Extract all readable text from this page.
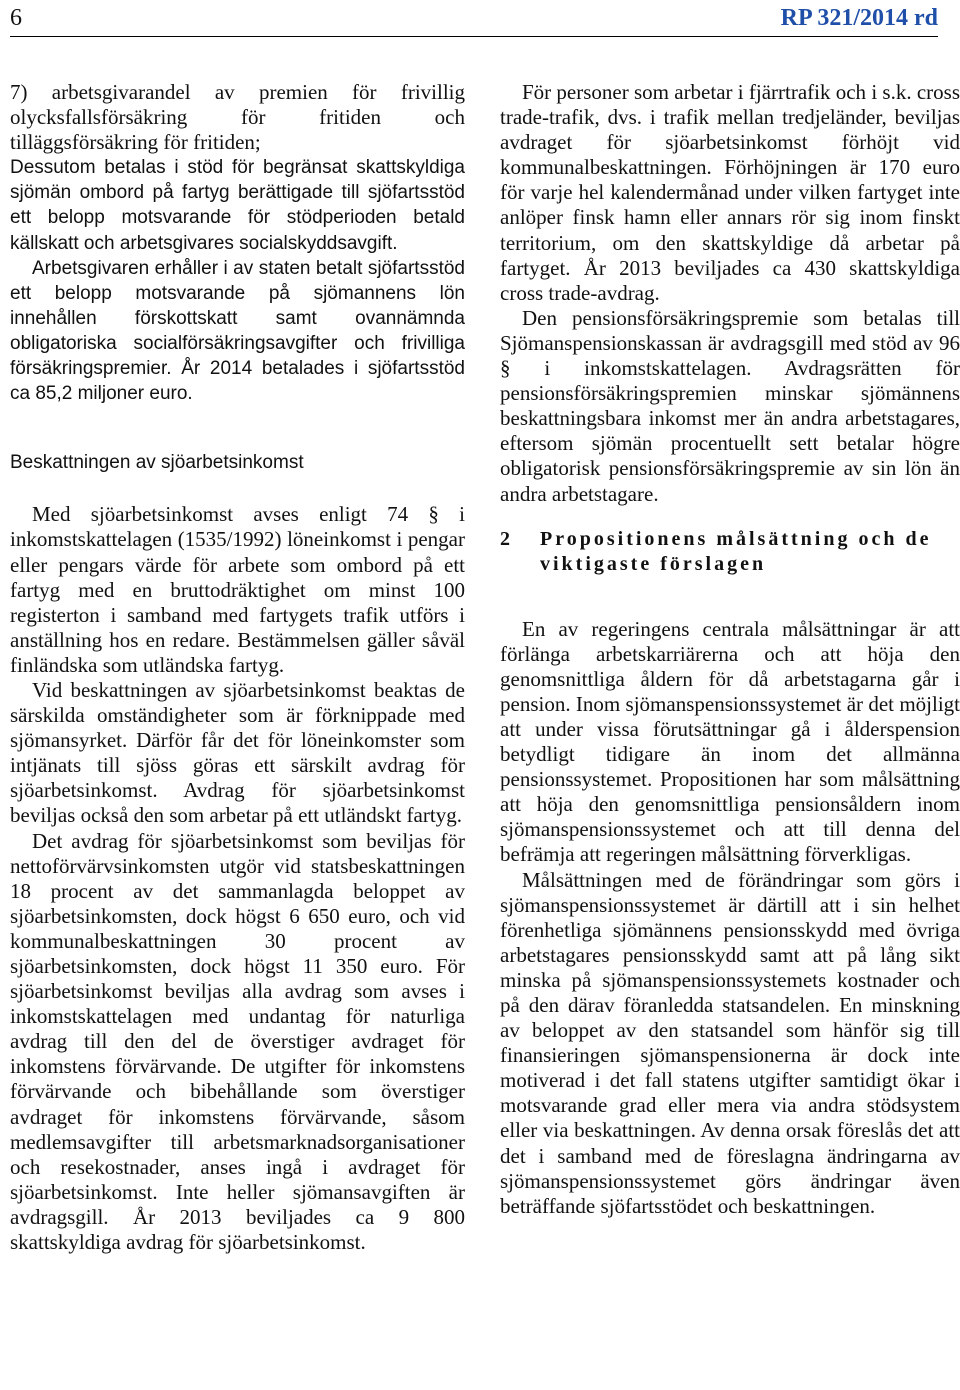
6	RP 321/2014 rd

7) arbetsgivarandel av premien för frivillig olycksfallsförsäkring för fritiden och tilläggsförsäkring för fritiden;

Dessutom betalas i stöd för begränsat skattskyldiga sjömän ombord på fartyg berättigade till sjöfartsstöd ett belopp motsvarande för stödperioden betald källskatt och arbetsgivares socialskyddsavgift.

Arbetsgivaren erhåller i av staten betalt sjöfartsstöd ett belopp motsvarande på sjömannens lön innehållen förskottskatt samt ovannämnda obligatoriska socialförsäkringsavgifter och frivilliga försäkringspremier. År 2014 betalades i sjöfartsstöd ca 85,2 miljoner euro.

Beskattningen av sjöarbetsinkomst

Med sjöarbetsinkomst avses enligt 74 § i inkomstskattelagen (1535/1992) löneinkomst i pengar eller pengars värde för arbete som ombord på ett fartyg med en bruttodräktighet om minst 100 registerton i samband med fartygets trafik utförs i anställning hos en redare. Bestämmelsen gäller såväl finländska som utländska fartyg.

Vid beskattningen av sjöarbetsinkomst beaktas de särskilda omständigheter som är förknippade med sjömansyrket. Därför får det för löneinkomster som intjänats till sjöss göras ett särskilt avdrag för sjöarbetsinkomst. Avdrag för sjöarbetsinkomst beviljas också den som arbetar på ett utländskt fartyg.

Det avdrag för sjöarbetsinkomst som beviljas för nettoförvärvsinkomsten utgör vid statsbeskattningen 18 procent av det sammanlagda beloppet av sjöarbetsinkomsten, dock högst 6 650 euro, och vid kommunalbeskattningen 30 procent av sjöarbetsinkomsten, dock högst 11 350 euro. För sjöarbetsinkomst beviljas alla avdrag som avses i inkomstskattelagen med undantag för naturliga avdrag till den del de överstiger avdraget för inkomstens förvärvande. De utgifter för inkomstens förvärvande och bibehållande som överstiger avdraget för inkomstens förvärvande, såsom medlemsavgifter till arbetsmarknadsorganisationer och resekostnader, anses ingå i avdraget för sjöarbetsinkomst. Inte heller sjömansavgiften är avdragsgill. År 2013 beviljades ca 9 800 skattskyldiga avdrag för sjöarbetsinkomst.

För personer som arbetar i fjärrtrafik och i s.k. cross trade-trafik, dvs. i trafik mellan tredjeländer, beviljas avdraget för sjöarbetsinkomst förhöjt vid kommunalbeskattningen. Förhöjningen är 170 euro för varje hel kalendermånad under vilken fartyget inte anlöper finsk hamn eller annars rör sig inom finskt territorium, om den skattskyldige då arbetar på fartyget. År 2013 beviljades ca 430 skattskyldiga cross trade-avdrag.

Den pensionsförsäkringspremie som betalas till Sjömanspensionskassan är avdragsgill med stöd av 96 § i inkomstskattelagen. Avdragsrätten för pensionsförsäkringspremien minskar sjömännens beskattningsbara inkomst mer än andra arbetstagares, eftersom sjömän procentuellt sett betalar högre obligatorisk pensionsförsäkringspremie av sin lön än andra arbetstagare.

2	Propositionens målsättning och de viktigaste förslagen

En av regeringens centrala målsättningar är att förlänga arbetskarriärerna och att höja den genomsnittliga åldern för då arbetstagarna går i pension. Inom sjömanspensionssystemet är det möjligt att under vissa förutsättningar gå i ålderspension betydligt tidigare än inom det allmänna pensionssystemet. Propositionen har som målsättning att höja den genomsnittliga pensionsåldern inom sjömanspensionssystemet och att till denna del befrämja att regeringen målsättning förverkligas.

Målsättningen med de förändringar som görs i sjömanspensionssystemet är därtill att i sin helhet förenhetliga sjömännens pensionsskydd med övriga arbetstagares pensionsskydd samt att på lång sikt minska på sjömanspensionssystemets kostnader och på den därav föranledda statsandelen. En minskning av beloppet av den statsandel som hänför sig till finansieringen sjömanspensionerna är dock inte motiverad i det fall statens utgifter samtidigt ökar i motsvarande grad eller mera via andra stödsystem eller via beskattningen. Av denna orsak föreslås det att det i samband med de föreslagna ändringarna av sjömanspensionssystemet görs ändringar även beträffande sjöfartsstödet och beskattningen.
